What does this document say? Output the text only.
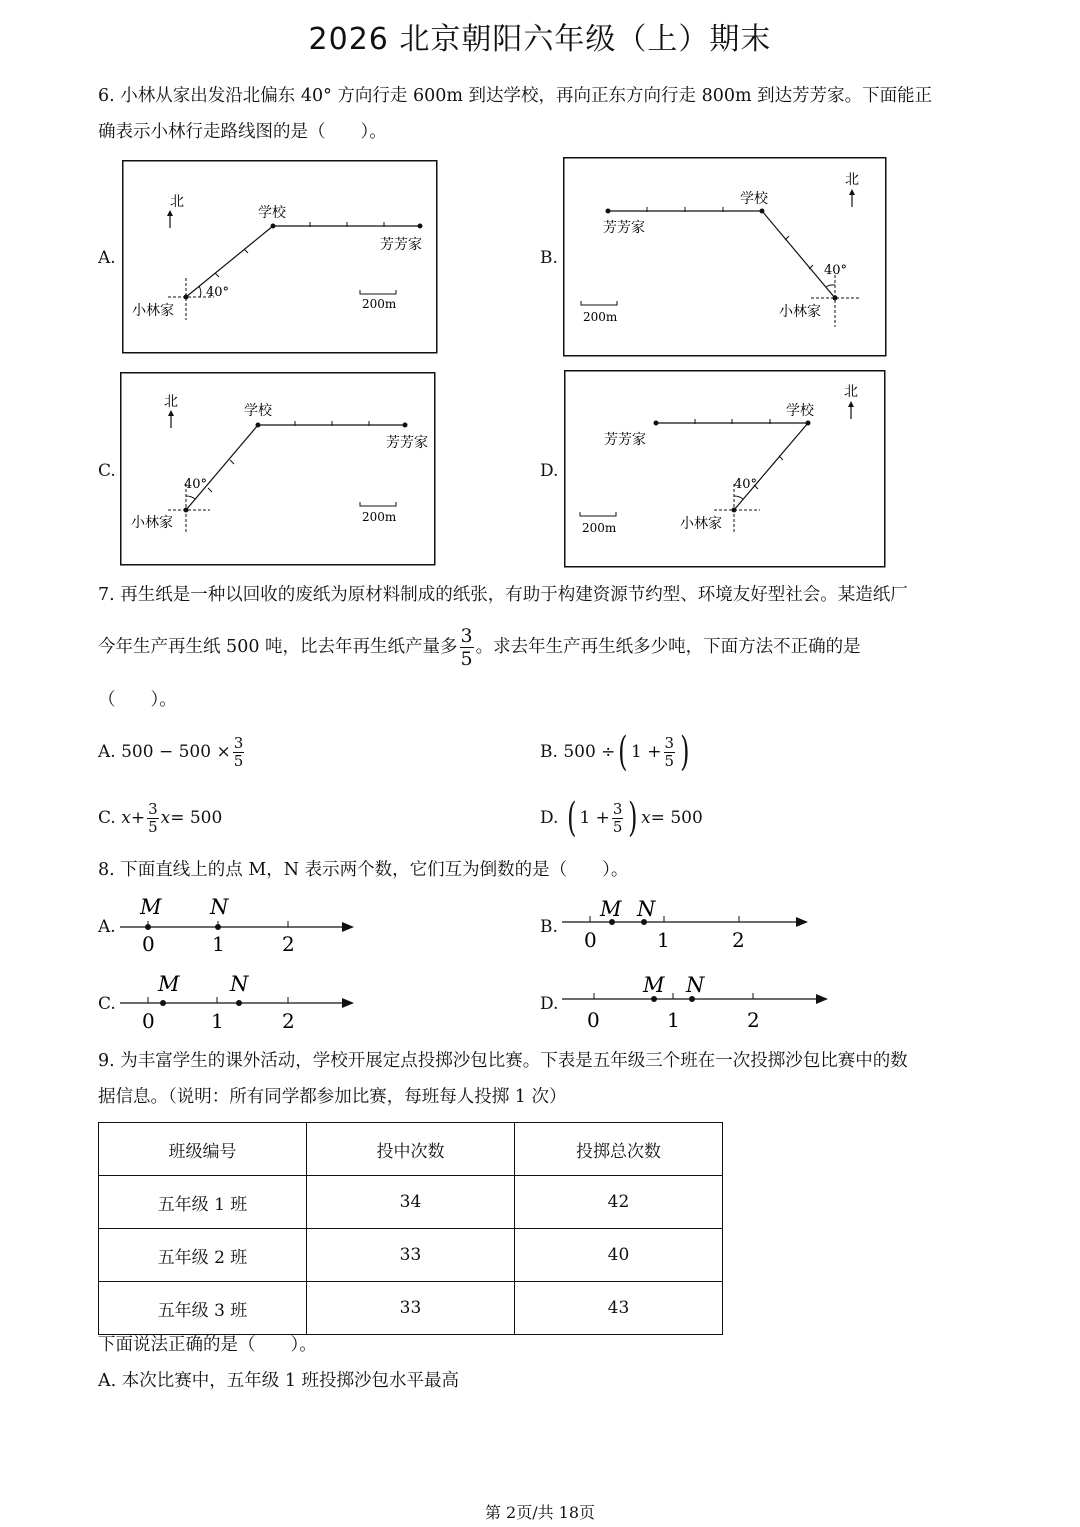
2026 北京朝阳六年级（上）期末
6. 小林从家出发沿北偏东 40° 方向行走 600m 到达学校，再向正东方向行走 800m 到达芳芳家。下面能正
确表示小林行走路线图的是（　　）。
A.	B.
C.	D.
北
学校
芳芳家
小林家
40°
200m
北
学校
芳芳家
小林家
40°
200m
北
学校
芳芳家
小林家
40°
200m
北
学校
芳芳家
小林家
40°
200m
7. 再生纸是一种以回收的废纸为原材料制成的纸张，有助于构建资源节约型、环境友好型社会。某造纸厂
今年生产再生纸 500 吨，比去年再生纸产量多 $\frac{3}{5}$ 。求去年生产再生纸多少吨，下面方法不正确的是
（　　）。
A.
$500 - 500 \times \frac{3}{5}$	B.
500 ÷ ( $1 + \frac{3}{5}$ )
C.
$x + \frac{3}{5}$ x = 500	D.
( $1 + \frac{3}{5}$ ) x = 500
8. 下面直线上的点 M，N 表示两个数，它们互为倒数的是（　　）。
A.	B.
C.	D.
M N
0	1	2
M N
0	1	2
M N
0	1	2
M N
0	1	2
9. 为丰富学生的课外活动，学校开展定点投掷沙包比赛。下表是五年级三个班在一次投掷沙包比赛中的数
据信息。（说明：所有同学都参加比赛，每班每人投掷 1 次）
班级编号	投中次数	投掷总次数
五年级 1 班	34	42
五年级 2 班	33	40
五年级 3 班	33	43
下面说法正确的是（　　）。
A. 本次比赛中，五年级 1 班投掷沙包水平最高
第 2页/共 18页
